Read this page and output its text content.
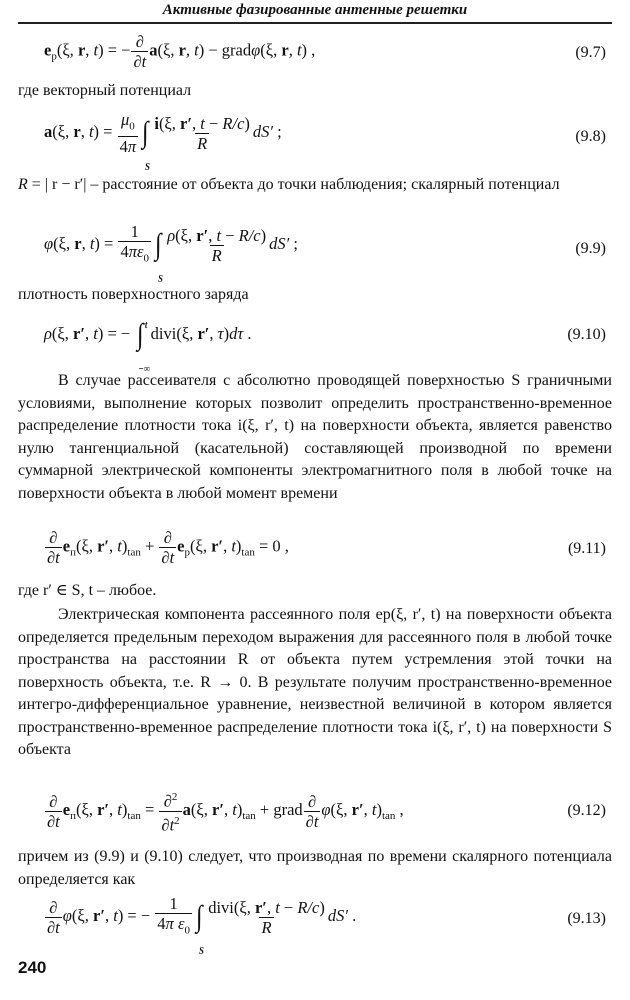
Активные фазированные антенные решетки
$e_p(\xi$, r, t) = − $\frac{\partial}{\partial t} a(\xi$, r, t) − gradφ(ξ, r, t) ,	(9.7)
где векторный потенциал
a(ξ, r, $t) = \frac{\mu_0}{4\pi}$ ∫
S
$\frac{i(\xi, r', t - R/c)}{R} dS'$ ;	(9.8)
R = | r − r′| – расстояние от объекта до точки наблюдения; скалярный потенциал
φ(ξ, r, $t) = \frac{1}{4\pi\varepsilon_0}$ ∫
S
$\frac{\rho(\xi, r', t - R/c)}{R} dS'$ ;	(9.9)
плотность поверхностного заряда
ρ(ξ, r′, t) = − ∫ t
−∞
divi(ξ, r′, τ)dτ .	(9.10)
В случае рассеивателя с абсолютно проводящей поверхностью S граничными условиями, выполнение которых позволит определить пространственно-временное распределение плотности тока i(ξ, r′, t) на поверхности объекта, является равенство нулю тангенциальной (касательной) составляющей производной по времени суммарной электрической компоненты электромагнитного поля в любой точке на поверхности объекта в любой момент времени
$\frac{\partial}{\partial t} e_п(\xi$, r′, $t)_{tan} + \frac{\partial}{\partial t} e_p(\xi$, r′, $t)_{tan} = 0$ ,	(9.11)
где r′ ∈ S, t – любое.
Электрическая компонента рассеянного поля eр(ξ, r′, t) на поверхности объекта определяется предельным переходом выражения для рассеянного поля в любой точке пространства на расстоянии R от объекта путем устремления этой точки на поверхность объекта, т.е. R → 0. В результате получим пространственно-временное интегро-дифференциальное уравнение, неизвестной величиной в котором является пространственно-временное распределение плотности тока i(ξ, r′, t) на поверхности S объекта
$\frac{\partial}{\partial t} e_п(\xi$, r′, $t)_{tan} = \frac{\partial^2}{\partial t^2} a(\xi$, r′, $t)_{tan}$ + grad $\frac{\partial}{\partial t} \varphi(\xi$, r′, $t)_{tan}$ ,	(9.12)
причем из (9.9) и (9.10) следует, что производная по времени скалярного потенциала определяется как
$\frac{\partial}{\partial t} \varphi(\xi$, r′, t) = − $\frac{1}{4\pi \varepsilon_0}$ ∫
S
$\frac{\text{divi(ξ, r′, t − R/c)}}{R} dS'$ .	(9.13)
240
